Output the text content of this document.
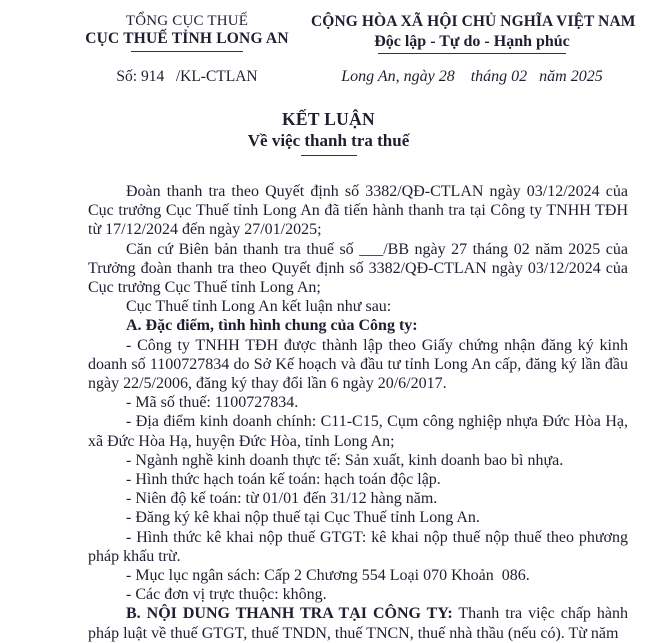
TỔNG CỤC THUẾ
CỤC THUẾ TỈNH LONG AN
Số: 914   /KL-CTLAN
CỘNG HÒA XÃ HỘI CHỦ NGHĨA VIỆT NAM
Độc lập - Tự do - Hạnh phúc
Long An, ngày 28    tháng 02   năm 2025
KẾT LUẬN
Về việc thanh tra thuế

Đoàn thanh tra theo Quyết định số 3382/QĐ-CTLAN ngày 03/12/2024 của Cục trưởng Cục Thuế tỉnh Long An đã tiến hành thanh tra tại Công ty TNHH TĐH từ 17/12/2024 đến ngày 27/01/2025;

Căn cứ Biên bản thanh tra thuế số ___/BB ngày 27 tháng 02 năm 2025 của Trưởng đoàn thanh tra theo Quyết định số 3382/QĐ-CTLAN ngày 03/12/2024 của Cục trưởng Cục Thuế tỉnh Long An;

Cục Thuế tỉnh Long An kết luận như sau:

A. Đặc điểm, tình hình chung của Công ty:

- Công ty TNHH TĐH được thành lập theo Giấy chứng nhận đăng ký kinh doanh số 1100727834 do Sở Kế hoạch và đầu tư tỉnh Long An cấp, đăng ký lần đầu ngày 22/5/2006, đăng ký thay đổi lần 6 ngày 20/6/2017.

- Mã số thuế: 1100727834.

- Địa điểm kinh doanh chính: C11-C15, Cụm công nghiệp nhựa Đức Hòa Hạ, xã Đức Hòa Hạ, huyện Đức Hòa, tỉnh Long An;

- Ngành nghề kinh doanh thực tế: Sản xuất, kinh doanh bao bì nhựa.

- Hình thức hạch toán kế toán: hạch toán độc lập.

- Niên độ kế toán: từ 01/01 đến 31/12 hàng năm.

- Đăng ký kê khai nộp thuế tại Cục Thuế tỉnh Long An.

- Hình thức kê khai nộp thuế GTGT: kê khai nộp thuế nộp thuế theo phương pháp khấu trừ.

- Mục lục ngân sách: Cấp 2 Chương 554 Loại 070 Khoản  086.

- Các đơn vị trực thuộc: không.

B. NỘI DUNG THANH TRA TẠI CÔNG TY: Thanh tra việc chấp hành pháp luật về thuế GTGT, thuế TNDN, thuế TNCN, thuế nhà thầu (nếu có). Từ năm
